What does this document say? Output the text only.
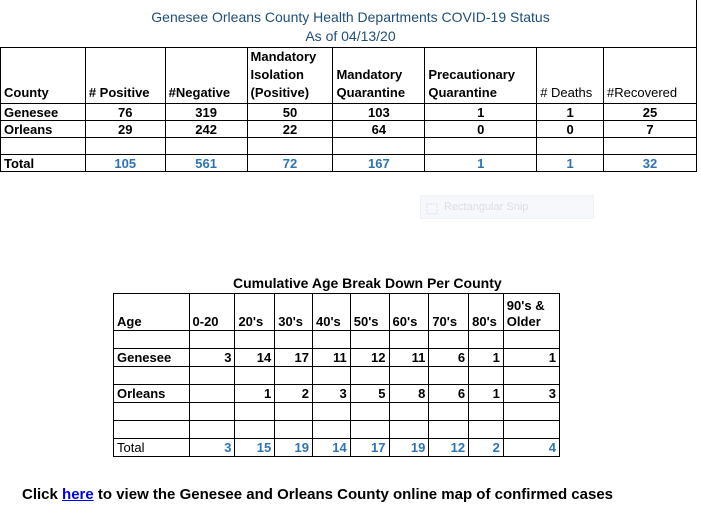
Genesee Orleans County Health Departments COVID-19 Status
As of 04/13/20
County	# Positive	#Negative	Mandatory Isolation (Positive)	Mandatory Quarantine	Precautionary Quarantine	# Deaths	#Recovered
Genesee	76	319	50	103	1	1	25
Orleans	29	242	22	64	0	0	7

Total	105	561	72	167	1	1	32
Rectangular Snip
Cumulative Age Break Down Per County
Age	0-20	20's	30's	40's	50's	60's	70's	80's	90's & Older

Genesee	3	14	17	11	12	11	6	1	1

Orleans		1	2	3	5	8	6	1	3

Total	3	15	19	14	17	19	12	2	4
Click here to view the Genesee and Orleans County online map of confirmed cases
